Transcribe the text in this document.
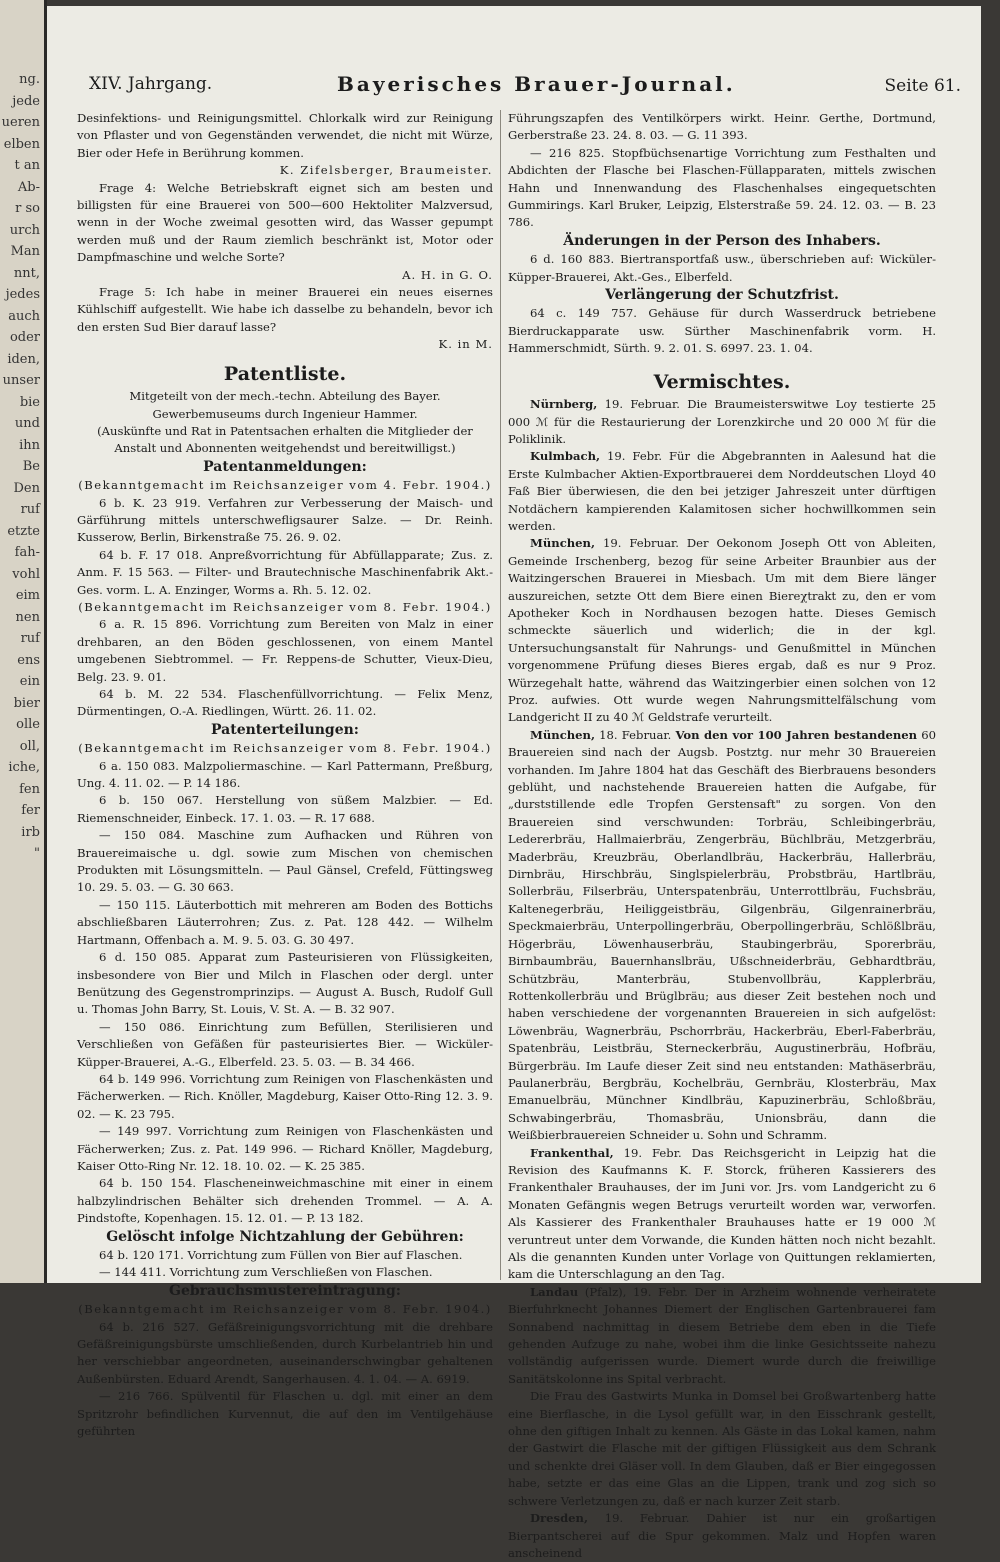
ng.
jede
ueren
elben
t an
Ab-
r so
urch
Man
nnt,
jedes
auch
oder
iden,
unser
bie
und
ihn
Be
Den
ruf
etzte
fah-
vohl
eim
nen
ruf
ens
ein
bier
olle
oll,
iche,
fen
fer
irb
"
XIV. Jahrgang.	Bayerisches Brauer-Journal.	Seite 61.

Desinfektions- und Reinigungsmittel. Chlorkalk wird zur Reinigung von Pflaster und von Gegenständen verwendet, die nicht mit Würze, Bier oder Hefe in Berührung kommen.

K. Zifelsberger, Braumeister.

Frage 4: Welche Betriebskraft eignet sich am besten und billigsten für eine Brauerei von 500—600 Hektoliter Malzversud, wenn in der Woche zweimal gesotten wird, das Wasser gepumpt werden muß und der Raum ziemlich beschränkt ist, Motor oder Dampfmaschine und welche Sorte?

A. H. in G. O.

Frage 5: Ich habe in meiner Brauerei ein neues eisernes Kühlschiff aufgestellt. Wie habe ich dasselbe zu behandeln, bevor ich den ersten Sud Bier darauf lasse?

K. in M.

Patentliste.

Mitgeteilt von der mech.-techn. Abteilung des Bayer. Gewerbemuseums durch Ingenieur Hammer.

(Auskünfte und Rat in Patentsachen erhalten die Mitglieder der Anstalt und Abonnenten weitgehendst und bereitwilligst.)

Patentanmeldungen:

(Bekanntgemacht im Reichsanzeiger vom 4. Febr. 1904.)

6 b. K. 23 919. Verfahren zur Verbesserung der Maisch- und Gärführung mittels unterschwefligsaurer Salze. — Dr. Reinh. Kusserow, Berlin, Birkenstraße 75. 26. 9. 02.

64 b. F. 17 018. Anpreßvorrichtung für Abfüllapparate; Zus. z. Anm. F. 15 563. — Filter- und Brautechnische Maschinenfabrik Akt.-Ges. vorm. L. A. Enzinger, Worms a. Rh. 5. 12. 02.

(Bekanntgemacht im Reichsanzeiger vom 8. Febr. 1904.)

6 a. R. 15 896. Vorrichtung zum Bereiten von Malz in einer drehbaren, an den Böden geschlossenen, von einem Mantel umgebenen Siebtrommel. — Fr. Reppens-de Schutter, Vieux-Dieu, Belg. 23. 9. 01.

64 b. M. 22 534. Flaschenfüllvorrichtung. — Felix Menz, Dürmentingen, O.-A. Riedlingen, Württ. 26. 11. 02.

Patenterteilungen:

(Bekanntgemacht im Reichsanzeiger vom 8. Febr. 1904.)

6 a. 150 083. Malzpoliermaschine. — Karl Pattermann, Preßburg, Ung. 4. 11. 02. — P. 14 186.

6 b. 150 067. Herstellung von süßem Malzbier. — Ed. Riemenschneider, Einbeck. 17. 1. 03. — R. 17 688.

— 150 084. Maschine zum Aufhacken und Rühren von Brauereimaische u. dgl. sowie zum Mischen von chemischen Produkten mit Lösungsmitteln. — Paul Gänsel, Crefeld, Füttingsweg 10. 29. 5. 03. — G. 30 663.

— 150 115. Läuterbottich mit mehreren am Boden des Bottichs abschließbaren Läuterrohren; Zus. z. Pat. 128 442. — Wilhelm Hartmann, Offenbach a. M. 9. 5. 03. G. 30 497.

6 d. 150 085. Apparat zum Pasteurisieren von Flüssigkeiten, insbesondere von Bier und Milch in Flaschen oder dergl. unter Benützung des Gegenstromprinzips. — August A. Busch, Rudolf Gull u. Thomas John Barry, St. Louis, V. St. A. — B. 32 907.

— 150 086. Einrichtung zum Befüllen, Sterilisieren und Verschließen von Gefäßen für pasteurisiertes Bier. — Wicküler-Küpper-Brauerei, A.-G., Elberfeld. 23. 5. 03. — B. 34 466.

64 b. 149 996. Vorrichtung zum Reinigen von Flaschenkästen und Fächerwerken. — Rich. Knöller, Magdeburg, Kaiser Otto-Ring 12. 3. 9. 02. — K. 23 795.

— 149 997. Vorrichtung zum Reinigen von Flaschenkästen und Fächerwerken; Zus. z. Pat. 149 996. — Richard Knöller, Magdeburg, Kaiser Otto-Ring Nr. 12. 18. 10. 02. — K. 25 385.

64 b. 150 154. Flascheneinweichmaschine mit einer in einem halbzylindrischen Behälter sich drehenden Trommel. — A. A. Pindstofte, Kopenhagen. 15. 12. 01. — P. 13 182.

Gelöscht infolge Nichtzahlung der Gebühren:

64 b. 120 171. Vorrichtung zum Füllen von Bier auf Flaschen.

— 144 411. Vorrichtung zum Verschließen von Flaschen.

Gebrauchsmustereintragung:

(Bekanntgemacht im Reichsanzeiger vom 8. Febr. 1904.)

64 b. 216 527. Gefäßreinigungsvorrichtung mit die drehbare Gefäßreinigungsbürste umschließenden, durch Kurbelantrieb hin und her verschiebbar angeordneten, auseinanderschwingbar gehaltenen Außenbürsten. Eduard Arendt, Sangerhausen. 4. 1. 04. — A. 6919.

— 216 766. Spülventil für Flaschen u. dgl. mit einer an dem Spritzrohr befindlichen Kurvennut, die auf den im Ventilgehäuse geführten

Führungszapfen des Ventilkörpers wirkt. Heinr. Gerthe, Dortmund, Gerberstraße 23. 24. 8. 03. — G. 11 393.

— 216 825. Stopfbüchsenartige Vorrichtung zum Festhalten und Abdichten der Flasche bei Flaschen-Füllapparaten, mittels zwischen Hahn und Innenwandung des Flaschenhalses eingequetschten Gummirings. Karl Bruker, Leipzig, Elsterstraße 59. 24. 12. 03. — B. 23 786.

Änderungen in der Person des Inhabers.

6 d. 160 883. Biertransportfaß usw., überschrieben auf: Wicküler-Küpper-Brauerei, Akt.-Ges., Elberfeld.

Verlängerung der Schutzfrist.

64 c. 149 757. Gehäuse für durch Wasserdruck betriebene Bierdruckapparate usw. Sürther Maschinenfabrik vorm. H. Hammerschmidt, Sürth. 9. 2. 01. S. 6997. 23. 1. 04.

Vermischtes.

Nürnberg, 19. Februar. Die Braumeisterswitwe Loy testierte 25 000 ℳ für die Restaurierung der Lorenzkirche und 20 000 ℳ für die Poliklinik.

Kulmbach, 19. Febr. Für die Abgebrannten in Aalesund hat die Erste Kulmbacher Aktien-Exportbrauerei dem Norddeutschen Lloyd 40 Faß Bier überwiesen, die den bei jetziger Jahreszeit unter dürftigen Notdächern kampierenden Kalamitosen sicher hochwillkommen sein werden.

München, 19. Februar. Der Oekonom Joseph Ott von Ableiten, Gemeinde Irschenberg, bezog für seine Arbeiter Braunbier aus der Waitzingerschen Brauerei in Miesbach. Um mit dem Biere länger auszureichen, setzte Ott dem Biere einen Biereχtrakt zu, den er vom Apotheker Koch in Nordhausen bezogen hatte. Dieses Gemisch schmeckte säuerlich und widerlich; die in der kgl. Untersuchungsanstalt für Nahrungs- und Genußmittel in München vorgenommene Prüfung dieses Bieres ergab, daß es nur 9 Proz. Würzegehalt hatte, während das Waitzingerbier einen solchen von 12 Proz. aufwies. Ott wurde wegen Nahrungsmittelfälschung vom Landgericht II zu 40 ℳ Geldstrafe verurteilt.

München, 18. Februar. Von den vor 100 Jahren bestandenen 60 Brauereien sind nach der Augsb. Postztg. nur mehr 30 Brauereien vorhanden. Im Jahre 1804 hat das Geschäft des Bierbrauens besonders geblüht, und nachstehende Brauereien hatten die Aufgabe, für „durststillende edle Tropfen Gerstensaft" zu sorgen. Von den Brauereien sind verschwunden: Torbräu, Schleibingerbräu, Ledererbräu, Hallmaierbräu, Zengerbräu, Büchlbräu, Metzgerbräu, Maderbräu, Kreuzbräu, Oberlandlbräu, Hackerbräu, Hallerbräu, Dirnbräu, Hirschbräu, Singlspielerbräu, Probstbräu, Hartlbräu, Sollerbräu, Filserbräu, Unterspatenbräu, Unterrottlbräu, Fuchsbräu, Kaltenegerbräu, Heiliggeistbräu, Gilgenbräu, Gilgenrainerbräu, Speckmaierbräu, Unterpollingerbräu, Oberpollingerbräu, Schlößlbräu, Högerbräu, Löwenhauserbräu, Staubingerbräu, Sporerbräu, Birnbaumbräu, Bauernhanslbräu, Ußschneiderbräu, Gebhardtbräu, Schützbräu, Manterbräu, Stubenvollbräu, Kapplerbräu, Rottenkollerbräu und Brüglbräu; aus dieser Zeit bestehen noch und haben verschiedene der vorgenannten Brauereien in sich aufgelöst: Löwenbräu, Wagnerbräu, Pschorrbräu, Hackerbräu, Eberl-Faberbräu, Spatenbräu, Leistbräu, Sterneckerbräu, Augustinerbräu, Hofbräu, Bürgerbräu. Im Laufe dieser Zeit sind neu entstanden: Mathäserbräu, Paulanerbräu, Bergbräu, Kochelbräu, Gernbräu, Klosterbräu, Max Emanuelbräu, Münchner Kindlbräu, Kapuzinerbräu, Schloßbräu, Schwabingerbräu, Thomasbräu, Unionsbräu, dann die Weißbierbrauereien Schneider u. Sohn und Schramm.

Frankenthal, 19. Febr. Das Reichsgericht in Leipzig hat die Revision des Kaufmanns K. F. Storck, früheren Kassierers des Frankenthaler Brauhauses, der im Juni vor. Jrs. vom Landgericht zu 6 Monaten Gefängnis wegen Betrugs verurteilt worden war, verworfen. Als Kassierer des Frankenthaler Brauhauses hatte er 19 000 ℳ veruntreut unter dem Vorwande, die Kunden hätten noch nicht bezahlt. Als die genannten Kunden unter Vorlage von Quittungen reklamierten, kam die Unterschlagung an den Tag.

Landau (Pfalz), 19. Febr. Der in Arzheim wohnende verheiratete Bierfuhrknecht Johannes Diemert der Englischen Gartenbrauerei fam Sonnabend nachmittag in diesem Betriebe dem eben in die Tiefe gehenden Aufzuge zu nahe, wobei ihm die linke Gesichtsseite nahezu vollständig aufgerissen wurde. Diemert wurde durch die freiwillige Sanitätskolonne ins Spital verbracht.

Die Frau des Gastwirts Munka in Domsel bei Großwartenberg hatte eine Bierflasche, in die Lysol gefüllt war, in den Eisschrank gestellt, ohne den giftigen Inhalt zu kennen. Als Gäste in das Lokal kamen, nahm der Gastwirt die Flasche mit der giftigen Flüssigkeit aus dem Schrank und schenkte drei Gläser voll. In dem Glauben, daß er Bier eingegossen habe, setzte er das eine Glas an die Lippen, trank und zog sich so schwere Verletzungen zu, daß er nach kurzer Zeit starb.

Dresden, 19. Februar. Dahier ist nur ein großartigen Bierpantscherei auf die Spur gekommen. Malz und Hopfen waren anscheinend
